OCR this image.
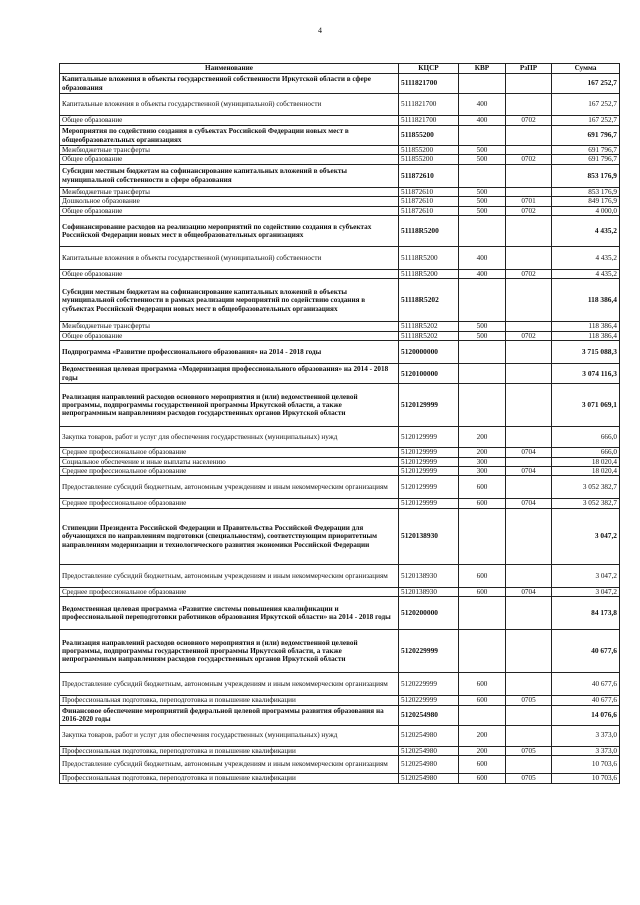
4
Наименование	КЦСР	КВР	РзПР	Сумма
Капитальные вложения в объекты государственной собственности Иркутской области в сфере образования	5111821700			167 252,7
Капитальные вложения в объекты государственной (муниципальной) собственности	5111821700	400		167 252,7
Общее образование	5111821700	400	0702	167 252,7
Мероприятия по содействию создания в субъектах Российской Федерации новых мест в общеобразовательных организациях	511855200			691 796,7
Межбюджетные трансферты	511855200	500		691 796,7
Общее образование	511855200	500	0702	691 796,7
Субсидии местным бюджетам на софинансирование капитальных вложений в объекты муниципальной собственности в сфере образования	511872610			853 176,9
Межбюджетные трансферты	511872610	500		853 176,9
Дошкольное образование	511872610	500	0701	849 176,9
Общее образование	511872610	500	0702	4 000,0
Софинансирование расходов на реализацию мероприятий по содействию создания в субъектах Российской Федерации новых мест в общеобразовательных организациях	51118R5200			4 435,2
Капитальные вложения в объекты государственной (муниципальной) собственности	51118R5200	400		4 435,2
Общее образование	51118R5200	400	0702	4 435,2
Субсидии местным бюджетам на софинансирование капитальных вложений в объекты муниципальной собственности в рамках реализации мероприятий по содействию создания в субъектах Российской Федерации новых мест в общеобразовательных организациях	51118R5202			118 386,4
Межбюджетные трансферты	51118R5202	500		118 386,4
Общее образование	51118R5202	500	0702	118 386,4
Подпрограмма «Развитие профессионального образования» на 2014 - 2018 годы	5120000000			3 715 088,3
Ведомственная целевая программа «Модернизация профессионального образования» на 2014 - 2018 годы	5120100000			3 074 116,3
Реализация направлений расходов основного мероприятия и (или) ведомственной целевой программы, подпрограммы государственной программы Иркутской области, а также непрограммным направлениям расходов государственных органов Иркутской области	5120129999			3 071 069,1
Закупка товаров, работ и услуг для обеспечения государственных (муниципальных) нужд	5120129999	200		666,0
Среднее профессиональное образование	5120129999	200	0704	666,0
Социальное обеспечение и иные выплаты населению	5120129999	300		18 020,4
Среднее профессиональное образование	5120129999	300	0704	18 020,4
Предоставление субсидий бюджетным, автономным учреждениям и иным некоммерческим организациям	5120129999	600		3 052 382,7
Среднее профессиональное образование	5120129999	600	0704	3 052 382,7
Стипендии Президента Российской Федерации и Правительства Российской Федерации для обучающихся по направлениям подготовки (специальностям), соответствующим приоритетным направлениям модернизации и технологического развития экономики Российской Федерации	5120138930			3 047,2
Предоставление субсидий бюджетным, автономным учреждениям и иным некоммерческим организациям	5120138930	600		3 047,2
Среднее профессиональное образование	5120138930	600	0704	3 047,2
Ведомственная целевая программа «Развитие системы повышения квалификации и профессиональной переподготовки работников образования Иркутской области» на 2014 - 2018 годы	5120200000			84 173,8
Реализация направлений расходов основного мероприятия и (или) ведомственной целевой программы, подпрограммы государственной программы Иркутской области, а также непрограммным направлениям расходов государственных органов Иркутской области	5120229999			40 677,6
Предоставление субсидий бюджетным, автономным учреждениям и иным некоммерческим организациям	5120229999	600		40 677,6
Профессиональная подготовка, переподготовка и повышение квалификации	5120229999	600	0705	40 677,6
Финансовое обеспечение мероприятий федеральной целевой программы развития образования на 2016-2020 годы	5120254980			14 076,6
Закупка товаров, работ и услуг для обеспечения государственных (муниципальных) нужд	5120254980	200		3 373,0
Профессиональная подготовка, переподготовка и повышение квалификации	5120254980	200	0705	3 373,0
Предоставление субсидий бюджетным, автономным учреждениям и иным некоммерческим организациям	5120254980	600		10 703,6
Профессиональная подготовка, переподготовка и повышение квалификации	5120254980	600	0705	10 703,6
